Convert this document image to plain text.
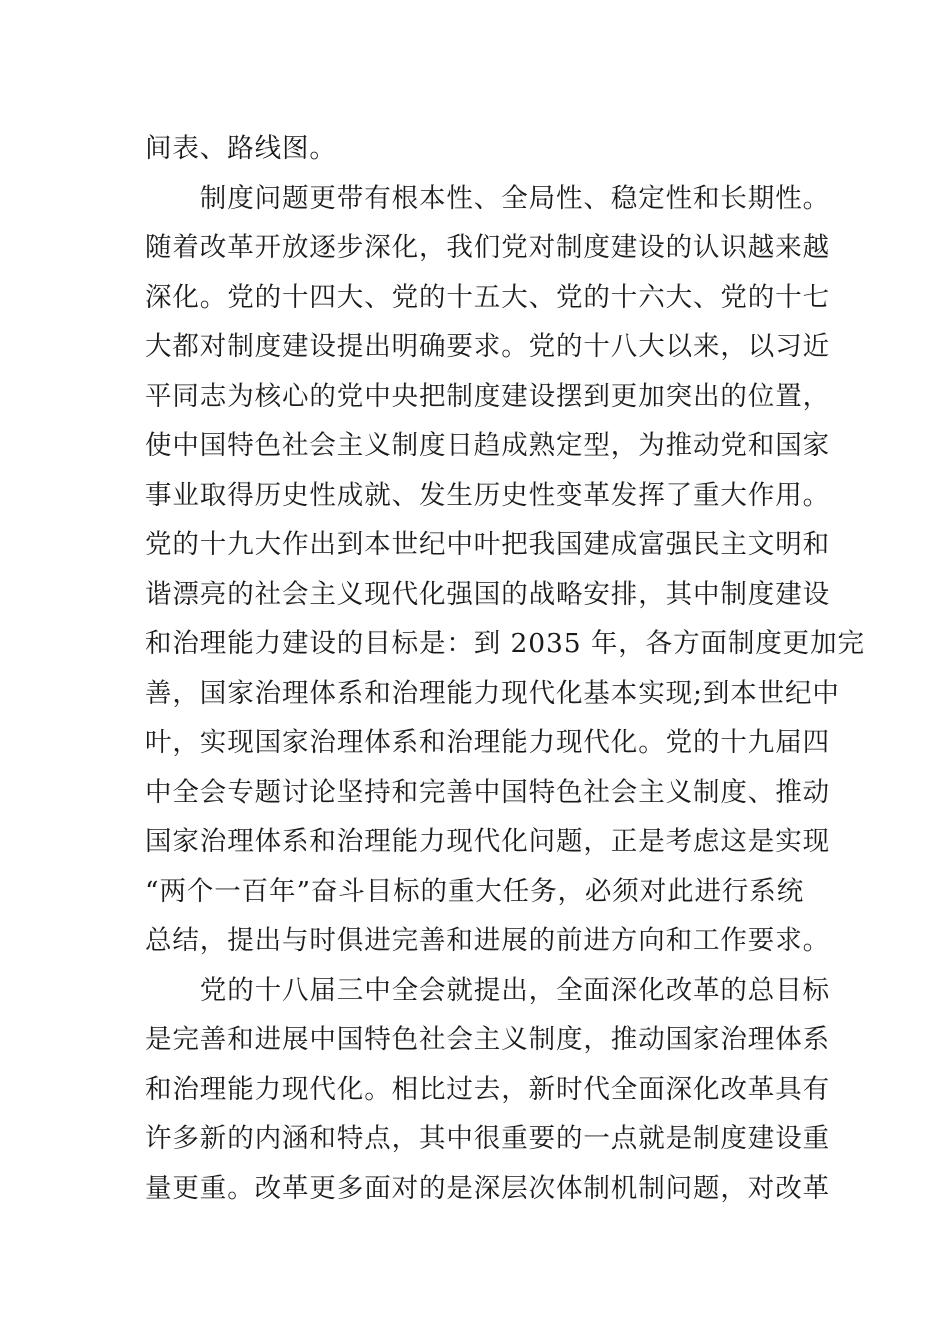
间表、路线图。
　　制度问题更带有根本性、全局性、稳定性和长期性。
随着改革开放逐步深化，我们党对制度建设的认识越来越
深化。党的十四大、党的十五大、党的十六大、党的十七
大都对制度建设提出明确要求。党的十八大以来，以习近
平同志为核心的党中央把制度建设摆到更加突出的位置，
使中国特色社会主义制度日趋成熟定型，为推动党和国家
事业取得历史性成就、发生历史性变革发挥了重大作用。
党的十九大作出到本世纪中叶把我国建成富强民主文明和
谐漂亮的社会主义现代化强国的战略安排，其中制度建设
和治理能力建设的目标是：到 2035 年，各方面制度更加完
善，国家治理体系和治理能力现代化基本实现;到本世纪中
叶，实现国家治理体系和治理能力现代化。党的十九届四
中全会专题讨论坚持和完善中国特色社会主义制度、推动
国家治理体系和治理能力现代化问题，正是考虑这是实现
“两个一百年”奋斗目标的重大任务，必须对此进行系统
总结，提出与时俱进完善和进展的前进方向和工作要求。
　　党的十八届三中全会就提出，全面深化改革的总目标
是完善和进展中国特色社会主义制度，推动国家治理体系
和治理能力现代化。相比过去，新时代全面深化改革具有
许多新的内涵和特点，其中很重要的一点就是制度建设重
量更重。改革更多面对的是深层次体制机制问题，对改革
